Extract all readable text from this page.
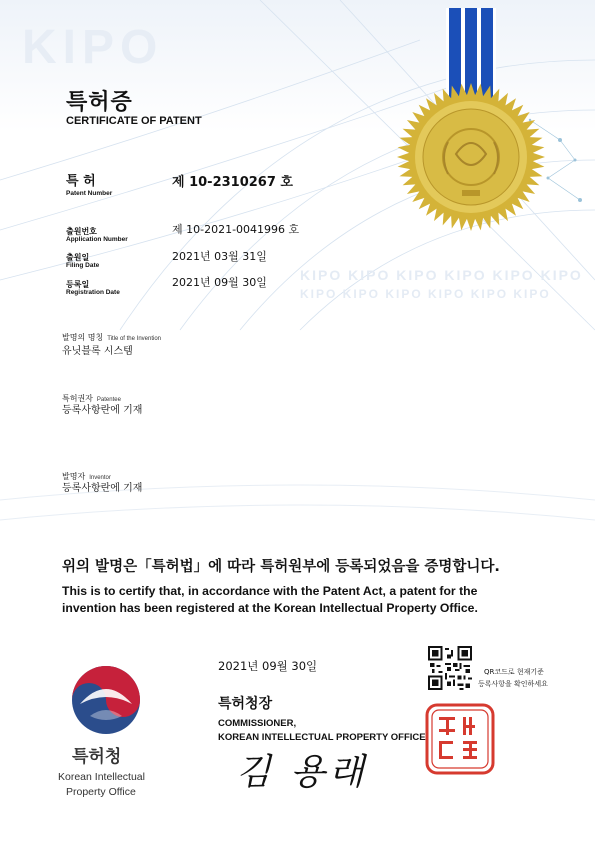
KIPO KIPO KIPO KIPO KIPO KIPO
KIPO KIPO KIPO KIPO KIPO KIPO
KIPO
특허증
CERTIFICATE OF PATENT
특 허
Patent Number
제 10-2310267 호
출원번호
Application Number
제 10-2021-0041996 호
출원일
Filing Date
2021년 03월 31일
등록일
Registration Date
2021년 09월 30일
발명의 명칭 Title of the Invention
유닛블록 시스템
특허권자 Patentee
등록사항란에 기재
발명자 Inventor
등록사항란에 기재
위의 발명은「특허법」에 따라 특허원부에 등록되었음을 증명합니다.
This is to certify that, in accordance with the Patent Act, a patent for the
invention has been registered at the Korean Intellectual Property Office.
특허청
Korean Intellectual
Property Office
2021년 09월 30일
특허청장
COMMISSIONER,
KOREAN INTELLECTUAL PROPERTY OFFICE
김 용래
QR코드로 현재기준
등록사항을 확인하세요
